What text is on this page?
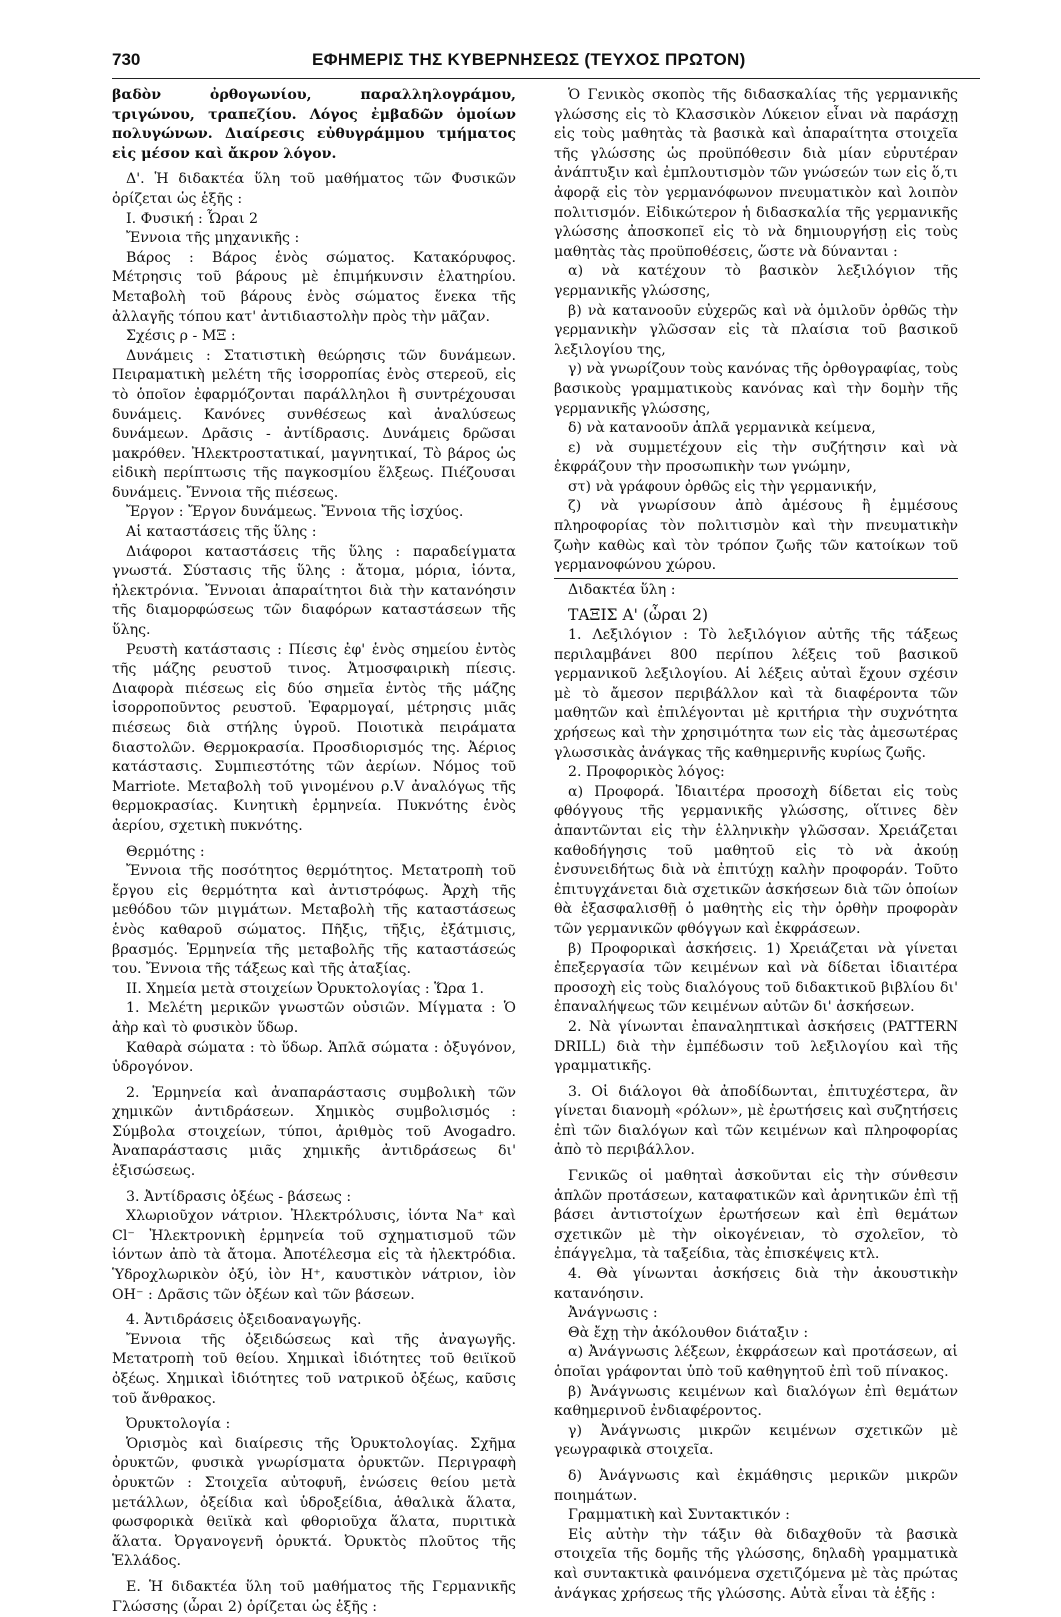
730	ΕΦΗΜΕΡΙΣ ΤΗΣ ΚΥΒΕΡΝΗΣΕΩΣ (ΤΕΥΧΟΣ ΠΡΩΤΟΝ)

βαδὸν ὀρθογωνίου, παραλληλογράμου, τριγώνου, τραπεζίου. Λόγος ἐμβαδῶν ὁμοίων πολυγώνων. Διαίρεσις εὐθυγράμμου τμήματος εἰς μέσον καὶ ἄκρον λόγον.

Δ'. Ἡ διδακτέα ὕλη τοῦ μαθήματος τῶν Φυσικῶν ὁρίζεται ὡς ἑξῆς :

Ι. Φυσική : Ὧραι 2

Ἔννοια τῆς μηχανικῆς :

Βάρος : Βάρος ἑνὸς σώματος. Κατακόρυφος. Μέτρησις τοῦ βάρους μὲ ἐπιμήκυνσιν ἐλατηρίου. Μεταβολὴ τοῦ βάρους ἑνὸς σώματος ἕνεκα τῆς ἀλλαγῆς τόπου κατ' ἀντιδιαστολὴν πρὸς τὴν μᾶζαν.

Σχέσις ρ - ΜΞ :

Δυνάμεις : Στατιστικὴ θεώρησις τῶν δυνάμεων. Πειραματικὴ μελέτη τῆς ἰσορροπίας ἑνὸς στερεοῦ, εἰς τὸ ὁποῖον ἐφαρμόζονται παράλληλοι ἢ συντρέχουσαι δυνάμεις. Κανόνες συνθέσεως καὶ ἀναλύσεως δυνάμεων. Δρᾶσις - ἀντίδρασις. Δυνάμεις δρῶσαι μακρόθεν. Ἠλεκτροστατικαί, μαγνητικαί, Τὸ βάρος ὡς εἰδικὴ περίπτωσις τῆς παγκοσμίου ἕλξεως. Πιέζουσαι δυνάμεις. Ἔννοια τῆς πιέσεως.

Ἔργον : Ἔργον δυνάμεως. Ἔννοια τῆς ἰσχύος.

Αἱ καταστάσεις τῆς ὕλης :

Διάφοροι καταστάσεις τῆς ὕλης : παραδείγματα γνωστά. Σύστασις τῆς ὕλης : ἄτομα, μόρια, ἰόντα, ἠλεκτρόνια. Ἔννοιαι ἀπαραίτητοι διὰ τὴν κατανόησιν τῆς διαμορφώσεως τῶν διαφόρων καταστάσεων τῆς ὕλης.

Ρευστὴ κατάστασις : Πίεσις ἐφ' ἑνὸς σημείου ἐντὸς τῆς μάζης ρευστοῦ τινος. Ἀτμοσφαιρικὴ πίεσις. Διαφορὰ πιέσεως εἰς δύο σημεῖα ἐντὸς τῆς μάζης ἰσορροποῦντος ρευστοῦ. Ἐφαρμογαί, μέτρησις μιᾶς πιέσεως διὰ στήλης ὑγροῦ. Ποιοτικὰ πειράματα διαστολῶν. Θερμοκρασία. Προσδιορισμός της. Ἀέριος κατάστασις. Συμπιεστότης τῶν ἀερίων. Νόμος τοῦ Marriote. Μεταβολὴ τοῦ γινομένου ρ.V ἀναλόγως τῆς θερμοκρασίας. Κινητικὴ ἑρμηνεία. Πυκνότης ἑνὸς ἀερίου, σχετικὴ πυκνότης.

Θερμότης :

Ἔννοια τῆς ποσότητος θερμότητος. Μετατροπὴ τοῦ ἔργου εἰς θερμότητα καὶ ἀντιστρόφως. Ἀρχὴ τῆς μεθόδου τῶν μιγμάτων. Μεταβολὴ τῆς καταστάσεως ἑνὸς καθαροῦ σώματος. Πῆξις, τῆξις, ἐξάτμισις, βρασμός. Ἑρμηνεία τῆς μεταβολῆς τῆς καταστάσεώς του. Ἔννοια τῆς τάξεως καὶ τῆς ἀταξίας.

ΙΙ. Χημεία μετὰ στοιχείων Ὀρυκτολογίας : Ὥρα 1.

1. Μελέτη μερικῶν γνωστῶν οὐσιῶν. Μίγματα : Ὁ ἀὴρ καὶ τὸ φυσικὸν ὕδωρ.

Καθαρὰ σώματα : τὸ ὕδωρ. Ἁπλᾶ σώματα : ὀξυγόνον, ὑδρογόνον.

2. Ἑρμηνεία καὶ ἀναπαράστασις συμβολικὴ τῶν χημικῶν ἀντιδράσεων. Χημικὸς συμβολισμός : Σύμβολα στοιχείων, τύποι, ἀριθμὸς τοῦ Avogadro. Ἀναπαράστασις μιᾶς χημικῆς ἀντιδράσεως δι' ἐξισώσεως.

3. Ἀντίδρασις ὀξέως - βάσεως :

Χλωριοῦχον νάτριον. Ἠλεκτρόλυσις, ἰόντα Na⁺ καὶ Cl⁻ Ἠλεκτρονικὴ ἑρμηνεία τοῦ σχηματισμοῦ τῶν ἰόντων ἀπὸ τὰ ἄτομα. Ἀποτέλεσμα εἰς τὰ ἠλεκτρόδια. Ὑδροχλωρικὸν ὀξύ, ἰὸν Η⁺, καυστικὸν νάτριον, ἰὸν ΟΗ⁻ : Δρᾶσις τῶν ὀξέων καὶ τῶν βάσεων.

4. Ἀντιδράσεις ὀξειδοαναγωγῆς.

Ἔννοια τῆς ὀξειδώσεως καὶ τῆς ἀναγωγῆς. Μετατροπὴ τοῦ θείου. Χημικαὶ ἰδιότητες τοῦ θειϊκοῦ ὀξέως. Χημικαὶ ἰδιότητες τοῦ νατρικοῦ ὀξέως, καῦσις τοῦ ἄνθρακος.

Ὀρυκτολογία :

Ὁρισμὸς καὶ διαίρεσις τῆς Ὀρυκτολογίας. Σχῆμα ὀρυκτῶν, φυσικὰ γνωρίσματα ὀρυκτῶν. Περιγραφὴ ὀρυκτῶν : Στοιχεῖα αὐτοφυῆ, ἑνώσεις θείου μετὰ μετάλλων, ὀξείδια καὶ ὑδροξείδια, ἁθαλικὰ ἅλατα, φωσφορικὰ θειϊκὰ καὶ φθοριοῦχα ἅλατα, πυριτικὰ ἅλατα. Ὀργανογενῆ ὀρυκτά. Ὀρυκτὸς πλοῦτος τῆς Ἑλλάδος.

Ε. Ἡ διδακτέα ὕλη τοῦ μαθήματος τῆς Γερμανικῆς Γλώσσης (ὧραι 2) ὁρίζεται ὡς ἑξῆς :

Ὁ Γενικὸς σκοπὸς τῆς διδασκαλίας τῆς γερμανικῆς γλώσσης εἰς τὸ Κλασσικὸν Λύκειον εἶναι νὰ παράσχῃ εἰς τοὺς μαθητὰς τὰ βασικὰ καὶ ἀπαραίτητα στοιχεῖα τῆς γλώσσης ὡς προϋπόθεσιν διὰ μίαν εὐρυτέραν ἀνάπτυξιν καὶ ἐμπλουτισμὸν τῶν γνώσεών των εἰς ὅ,τι ἀφορᾷ εἰς τὸν γερμανόφωνον πνευματικὸν καὶ λοιπὸν πολιτισμόν. Εἰδικώτερον ἡ διδασκαλία τῆς γερμανικῆς γλώσσης ἀποσκοπεῖ εἰς τὸ νὰ δημιουργήσῃ εἰς τοὺς μαθητὰς τὰς προϋποθέσεις, ὥστε νὰ δύνανται :

α) νὰ κατέχουν τὸ βασικὸν λεξιλόγιον τῆς γερμανικῆς γλώσσης,

β) νὰ κατανοοῦν εὐχερῶς καὶ νὰ ὁμιλοῦν ὀρθῶς τὴν γερμανικὴν γλῶσσαν εἰς τὰ πλαίσια τοῦ βασικοῦ λεξιλογίου της,

γ) νὰ γνωρίζουν τοὺς κανόνας τῆς ὀρθογραφίας, τοὺς βασικοὺς γραμματικοὺς κανόνας καὶ τὴν δομὴν τῆς γερμανικῆς γλώσσης,

δ) νὰ κατανοοῦν ἁπλᾶ γερμανικὰ κείμενα,

ε) νὰ συμμετέχουν εἰς τὴν συζήτησιν καὶ νὰ ἐκφράζουν τὴν προσωπικὴν των γνώμην,

στ) νὰ γράφουν ὀρθῶς εἰς τὴν γερμανικήν,

ζ) νὰ γνωρίσουν ἀπὸ ἀμέσους ἢ ἐμμέσους πληροφορίας τὸν πολιτισμὸν καὶ τὴν πνευματικὴν ζωὴν καθὼς καὶ τὸν τρόπον ζωῆς τῶν κατοίκων τοῦ γερμανοφώνου χώρου.

Διδακτέα ὕλη :

ΤΑΞΙΣ Α' (ὧραι 2)

1. Λεξιλόγιον : Τὸ λεξιλόγιον αὐτῆς τῆς τάξεως περιλαμβάνει 800 περίπου λέξεις τοῦ βασικοῦ γερμανικοῦ λεξιλογίου. Αἱ λέξεις αὐταὶ ἔχουν σχέσιν μὲ τὸ ἄμεσον περιβάλλον καὶ τὰ διαφέροντα τῶν μαθητῶν καὶ ἐπιλέγονται μὲ κριτήρια τὴν συχνότητα χρήσεως καὶ τὴν χρησιμότητα των εἰς τὰς ἀμεσωτέρας γλωσσικὰς ἀνάγκας τῆς καθημερινῆς κυρίως ζωῆς.

2. Προφορικὸς λόγος:

α) Προφορά. Ἰδιαιτέρα προσοχὴ δίδεται εἰς τοὺς φθόγγους τῆς γερμανικῆς γλώσσης, οἵτινες δὲν ἀπαντῶνται εἰς τὴν ἑλληνικὴν γλῶσσαν. Χρειάζεται καθοδήγησις τοῦ μαθητοῦ εἰς τὸ νὰ ἀκούῃ ἐνσυνειδήτως διὰ νὰ ἐπιτύχῃ καλὴν προφοράν. Τοῦτο ἐπιτυγχάνεται διὰ σχετικῶν ἀσκήσεων διὰ τῶν ὁποίων θὰ ἐξασφαλισθῇ ὁ μαθητὴς εἰς τὴν ὀρθὴν προφορὰν τῶν γερμανικῶν φθόγγων καὶ ἐκφράσεων.

β) Προφορικαὶ ἀσκήσεις. 1) Χρειάζεται νὰ γίνεται ἐπεξεργασία τῶν κειμένων καὶ νὰ δίδεται ἰδιαιτέρα προσοχὴ εἰς τοὺς διαλόγους τοῦ διδακτικοῦ βιβλίου δι' ἐπαναλήψεως τῶν κειμένων αὐτῶν δι' ἀσκήσεων.

2. Νὰ γίνωνται ἐπαναληπτικαὶ ἀσκήσεις (PATTERN DRILL) διὰ τὴν ἐμπέδωσιν τοῦ λεξιλογίου καὶ τῆς γραμματικῆς.

3. Οἱ διάλογοι θὰ ἀποδίδωνται, ἐπιτυχέστερα, ἂν γίνεται διανομὴ «ρόλων», μὲ ἐρωτήσεις καὶ συζητήσεις ἐπὶ τῶν διαλόγων καὶ τῶν κειμένων καὶ πληροφορίας ἀπὸ τὸ περιβάλλον.

Γενικῶς οἱ μαθηταὶ ἀσκοῦνται εἰς τὴν σύνθεσιν ἁπλῶν προτάσεων, καταφατικῶν καὶ ἀρνητικῶν ἐπὶ τῇ βάσει ἀντιστοίχων ἐρωτήσεων καὶ ἐπὶ θεμάτων σχετικῶν μὲ τὴν οἰκογένειαν, τὸ σχολεῖον, τὸ ἐπάγγελμα, τὰ ταξείδια, τὰς ἐπισκέψεις κτλ.

4. Θὰ γίνωνται ἀσκήσεις διὰ τὴν ἀκουστικὴν κατανόησιν.

Ἀνάγνωσις :

Θὰ ἔχῃ τὴν ἀκόλουθον διάταξιν :

α) Ἀνάγνωσις λέξεων, ἐκφράσεων καὶ προτάσεων, αἱ ὁποῖαι γράφονται ὑπὸ τοῦ καθηγητοῦ ἐπὶ τοῦ πίνακος.

β) Ἀνάγνωσις κειμένων καὶ διαλόγων ἐπὶ θεμάτων καθημερινοῦ ἐνδιαφέροντος.

γ) Ἀνάγνωσις μικρῶν κειμένων σχετικῶν μὲ γεωγραφικὰ στοιχεῖα.

δ) Ἀνάγνωσις καὶ ἐκμάθησις μερικῶν μικρῶν ποιημάτων.

Γραμματικὴ καὶ Συντακτικόν :

Εἰς αὐτὴν τὴν τάξιν θὰ διδαχθοῦν τὰ βασικὰ στοιχεῖα τῆς δομῆς τῆς γλώσσης, δηλαδὴ γραμματικὰ καὶ συντακτικὰ φαινόμενα σχετιζόμενα μὲ τὰς πρώτας ἀνάγκας χρήσεως τῆς γλώσσης. Αὐτὰ εἶναι τὰ ἑξῆς :
